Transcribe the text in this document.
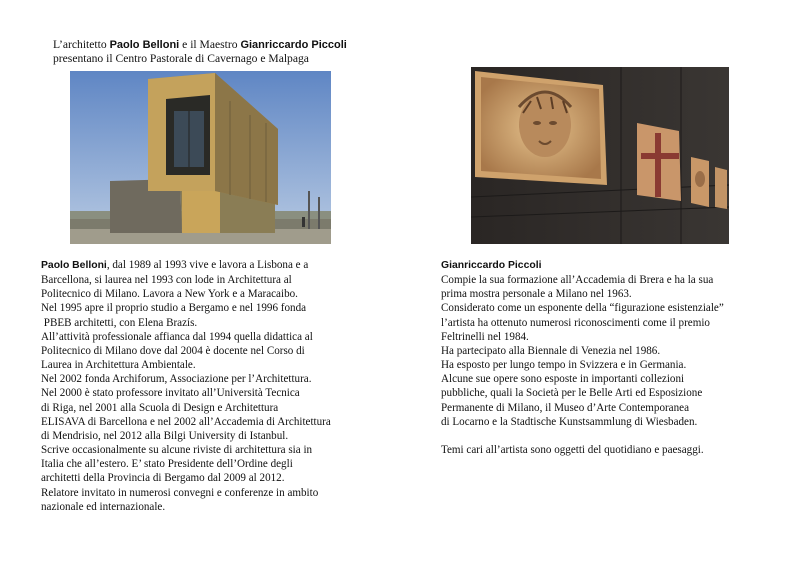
L’architetto Paolo Belloni e il Maestro Gianriccardo Piccoli
presentano il Centro Pastorale di Cavernago e Malpaga

Paolo Belloni, dal 1989 al 1993 vive e lavora a Lisbona e a
Barcellona, si laurea nel 1993 con lode in Architettura al
Politecnico di Milano. Lavora a New York e a Maracaibo.
Nel 1995 apre il proprio studio a Bergamo e nel 1996 fonda
PBEB architetti, con Elena Brazís.
All’attività professionale affianca dal 1994 quella didattica al
Politecnico di Milano dove dal 2004 è docente nel Corso di
Laurea in Architettura Ambientale.
Nel 2002 fonda Archiforum, Associazione per l’Architettura.
Nel 2000 è stato professore invitato all’Università Tecnica
di Riga, nel 2001 alla Scuola di Design e Architettura
ELISAVA di Barcellona e nel 2002 all’Accademia di Architettura
di Mendrisio, nel 2012 alla Bilgi University di Istanbul.
Scrive occasionalmente su alcune riviste di architettura sia in
Italia che all’estero. E’ stato Presidente dell’Ordine degli
architetti della Provincia di Bergamo dal 2009 al 2012.
Relatore invitato in numerosi convegni e conferenze in ambito
nazionale ed internazionale.

Gianriccardo Piccoli
Compie la sua formazione all’Accademia di Brera e ha la sua
prima mostra personale a Milano nel 1963.
Considerato come un esponente della “figurazione esistenziale”
l’artista ha ottenuto numerosi riconoscimenti come il premio
Feltrinelli nel 1984.
Ha partecipato alla Biennale di Venezia nel 1986.
Ha esposto per lungo tempo in Svizzera e in Germania.
Alcune sue opere sono esposte in importanti collezioni
pubbliche, quali la Società per le Belle Arti ed Esposizione
Permanente di Milano, il Museo d’Arte Contemporanea
di Locarno e la Stadtische Kunstsammlung di Wiesbaden.
Temi cari all’artista sono oggetti del quotidiano e paesaggi.
